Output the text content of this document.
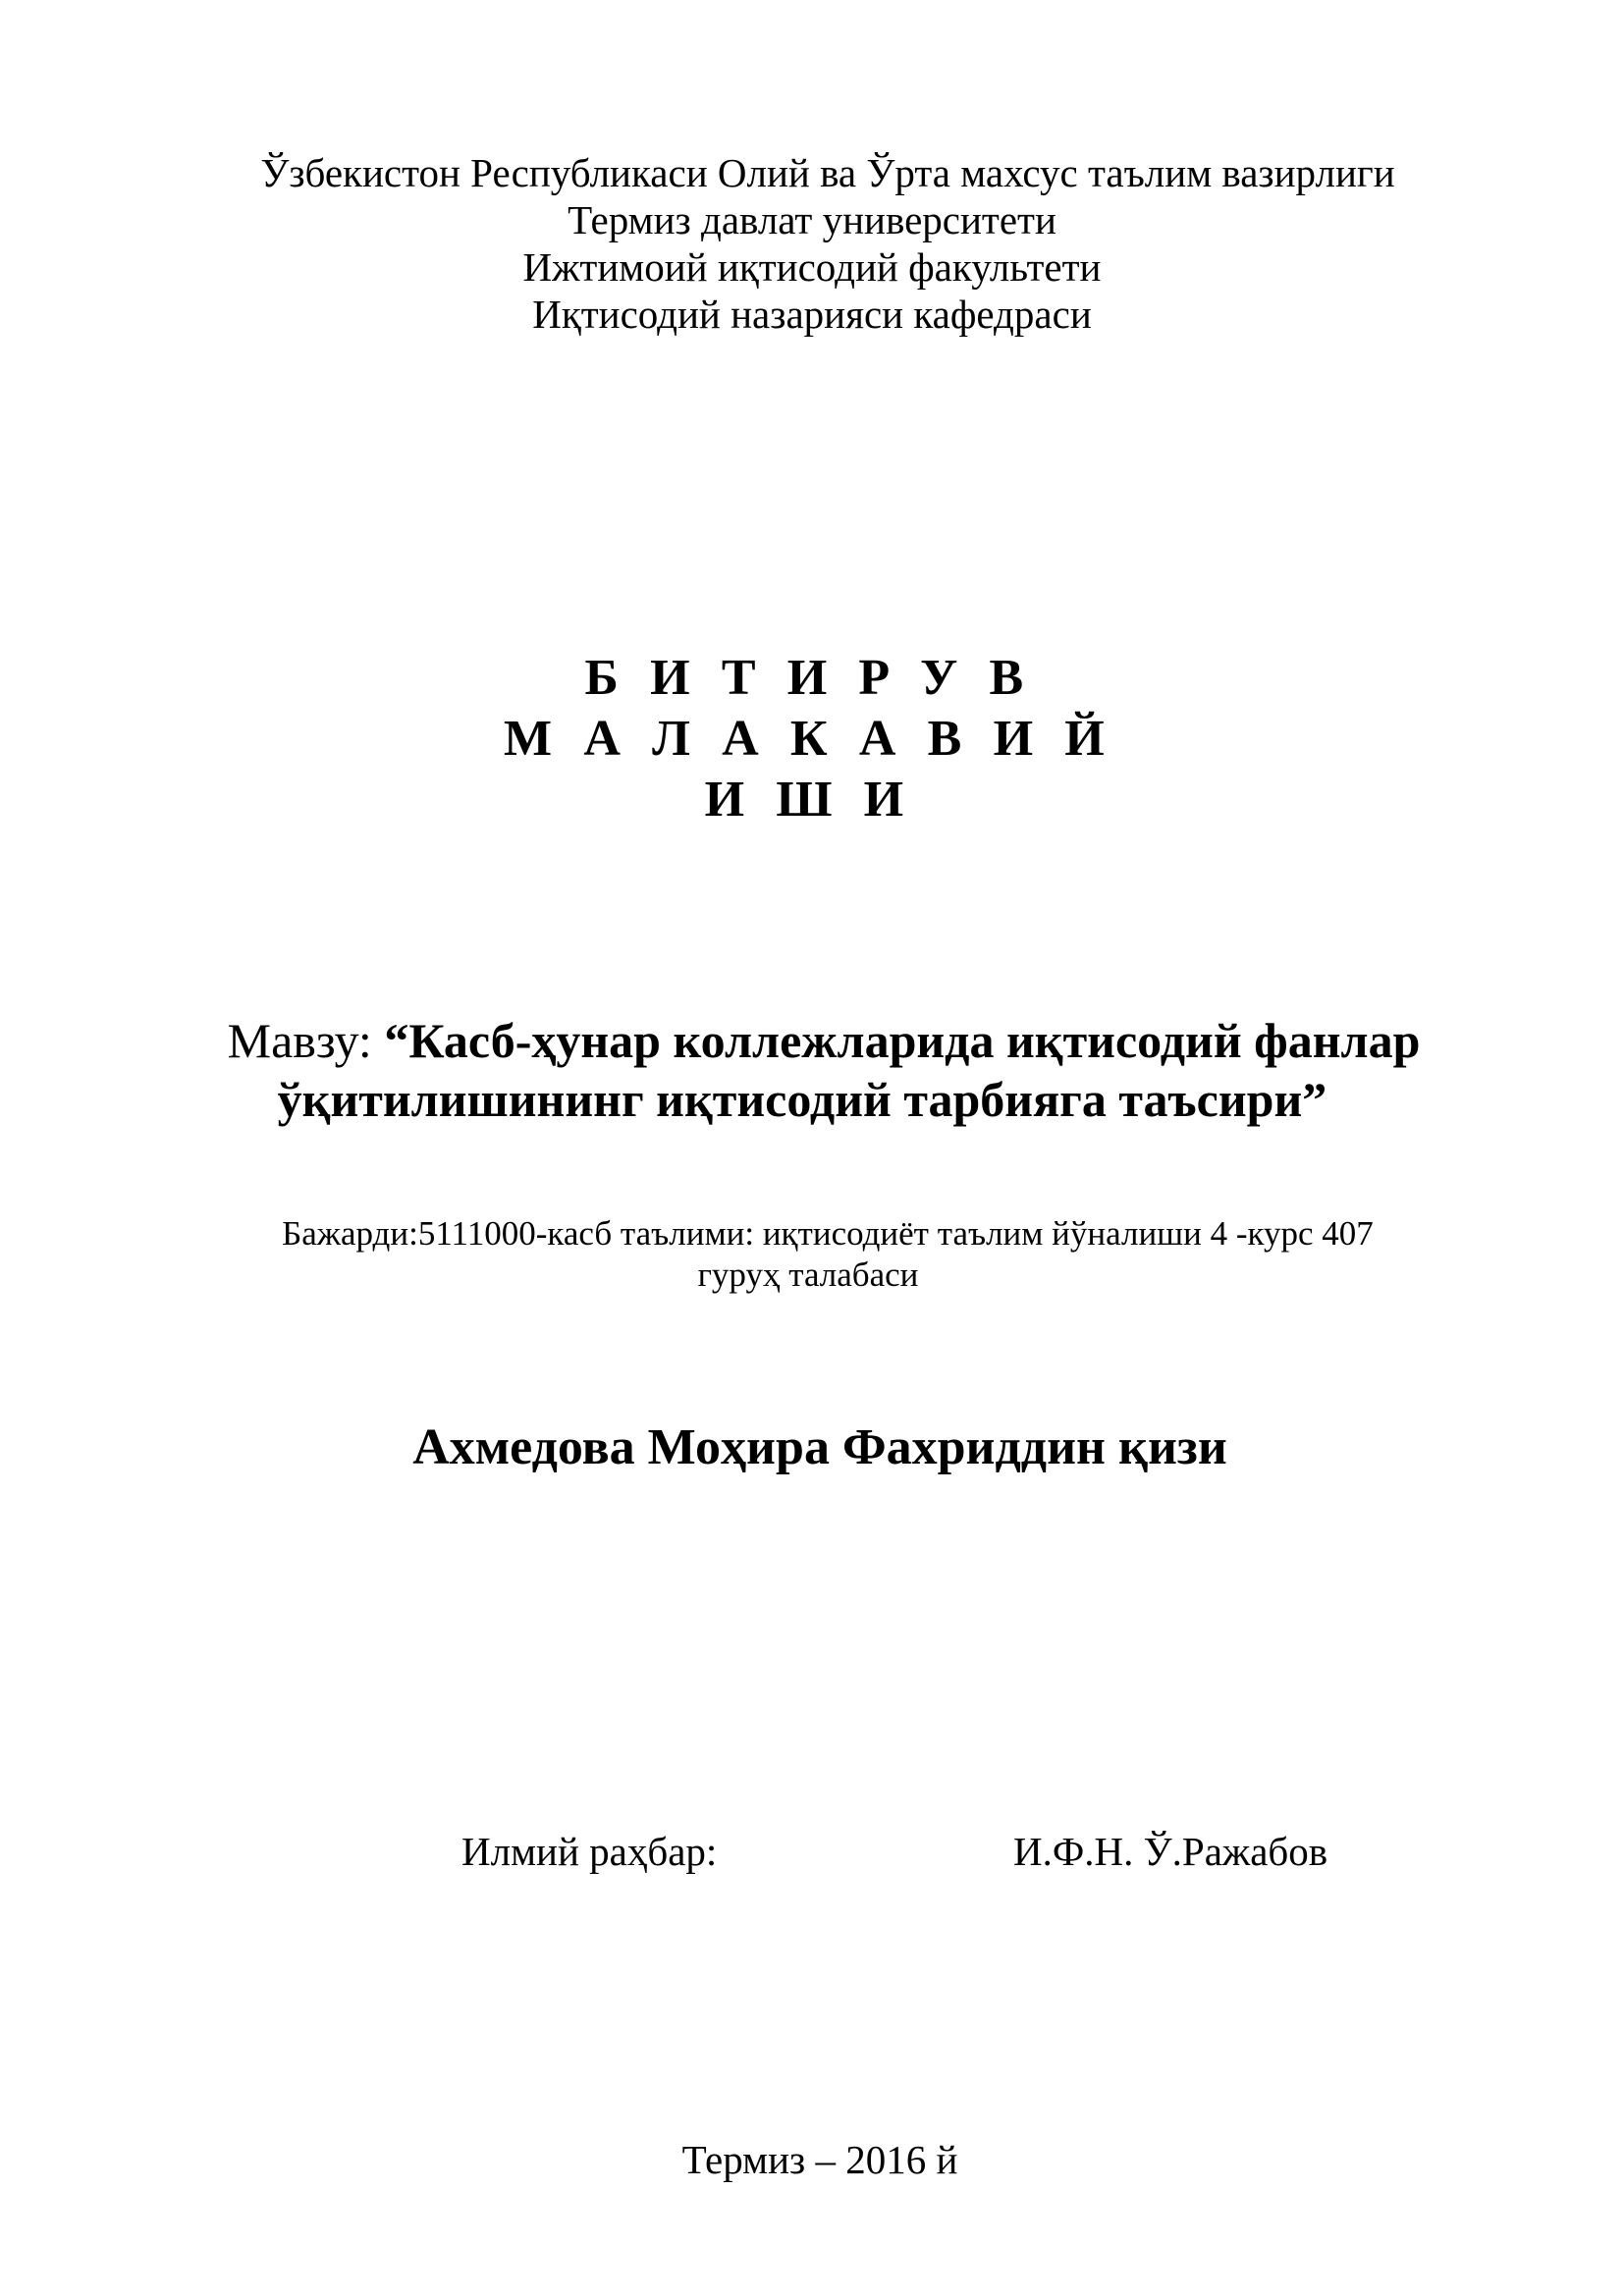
Ўзбекистон Республикаси Олий ва Ўрта махсус таълим вазирлиги
Термиз давлат университети
Ижтимоий иқтисодий факультети
Иқтисодий назарияси кафедраси
БИТИРУВ
МАЛАКАВИЙ
ИШИ
Мавзу: “Касб-ҳунар коллежларида иқтисодий фанлар
ўқитилишининг иқтисодий тарбияга таъсири”
Бажарди:5111000-касб таълими: иқтисодиёт таълим йўналиши 4 -курс 407
гуруҳ талабаси
Ахмедова Моҳира Фахриддин қизи
Илмий раҳбар:	И.Ф.Н. Ў.Ражабов
Термиз – 2016 й
